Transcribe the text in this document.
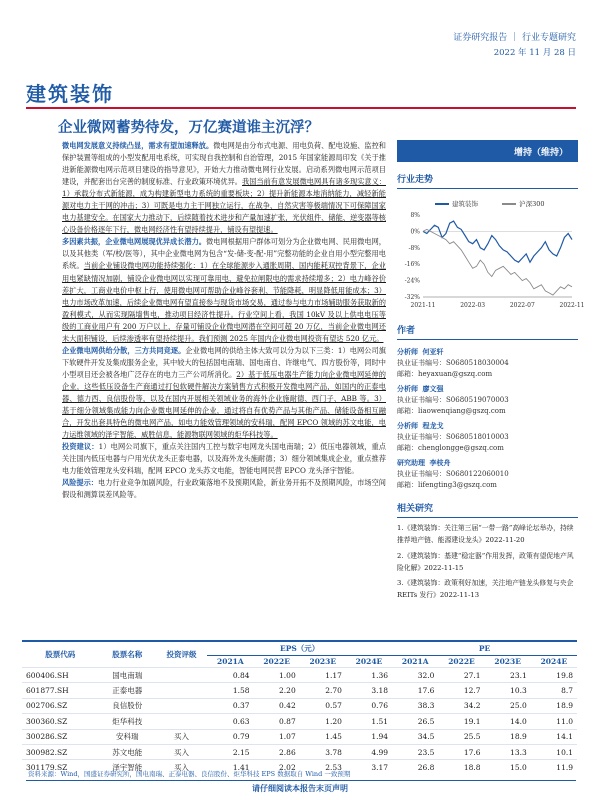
证券研究报告 ｜ 行业专题研究
2022 年 11 月 28 日
建筑装饰
企业微网蓄势待发，万亿赛道谁主沉浮？

微电网发展意义持续凸显，需求有望加速释放。微电网是由分布式电源、用电负荷、配电设施、监控和保护装置等组成的小型发配用电系统，可实现自我控制和自治管理，2015 年国家能源局印发《关于推进新能源微电网示范项目建设的指导意见》，开始大力推动微电网行业发展。启动系列微电网示范项目建设，并配套出台完善的制度标准、行业政策环境优异。我国当前有意发展微电网具有诸多现实意义：1）承载分布式新能源，成为构建新型电力系统的重要板块；2）提升新能源本地消纳能力，减轻新能源对电力主干网的冲击；3）可既是电力主干网独立运行，在战争、自然灾害等极端情况下可保障国家电力基建安全。在国家大力推动下，后续随着技术进步和产量加速扩张，光伏组件、储能、逆变器等核心设备价格逐年下行，微电网经济性有望持续提升，铺设有望提速。

多因素共振，企业微电网展现优异成长潜力。微电网根据用户群体可划分为企业微电网、民用微电网，以及其他类（军/校/医等），其中企业微电网为包含“发-储-变-配-用”完整功能的企业自用小型完整用电系统。当前企业铺设微电网功能持续强化：1）在全球能源步入通胀周期、国内能耗双控背景下，企业用电紧缺情况加剧，铺设企业微电网以实现可靠用电、避免拉闸限电的需求持续增多；2）电力峰谷价差扩大，工商业电价中枢上行，使用微电网可帮助企业峰谷套利、节能降耗，明显降低用能成本；3）电力市场改革加速，后续企业微电网有望直接参与现货市场交易，通过参与电力市场辅助服务获取新的盈利模式，从而实现隔墙售电，推动项目经济性提升。行业空间上看，我国 10kV 及以上供电电压等级的工商业用户有 200 万户以上，存量可铺设企业微电网潜在空间可超 20 万亿，当前企业微电网还未大面积铺设，后续渗透率有望持续提升。我们预测 2025 年国内企业微电网投资有望达 520 亿元。

企业微电网供给分散，三方共同竞逐。企业微电网的供给主体大致可以分为以下三类：1）电网公司旗下软硬件开发及集成服务企业，其中较大的包括国电南瑞、国电南自、许继电气、四方股份等，同时中小型项目还会被各地广泛存在的电力三产公司所消化。2）基于低压电器生产能力向企业微电网延伸的企业，这些低压设备生产商通过打包软硬件解决方案销售方式积极开发微电网产品，如国内的正泰电器、德力西、良信股份等，以及在国内开展相关领域业务的海外企业施耐德、西门子、ABB 等。3）基于细分领域集成能力向企业微电网延伸的企业，通过将自有优势产品与其他产品、储能设备相互融合，开发出套具特色的微电网产品，如电力能效管理领域的安科瑞，配网 EPCO 领域的苏文电能，电力运维领域的泽宇智能、威胜信息，能源物联网领域的炬华科技等。

投资建议：1）电网公司旗下，重点关注国内工控与数字电网龙头国电南瑞；2）低压电器领域，重点关注国内低压电器与户用光伏龙头正泰电器，以及海外龙头施耐德；3）细分领域集成企业，重点推荐电力能效管理龙头安科瑞，配网 EPCO 龙头苏文电能，智能电网民营 EPCO 龙头泽宇智能。

风险提示：电力行业竞争加剧风险，行业政策落地不及预期风险，新业务开拓不及预期风险，市场空间假设和测算误差风险等。

增持（维持）
行业走势
建筑装饰	沪深300
8%
0%
-8%
-16%
-24%
-32%
2021-11	2022-03	2022-07	2022-11
作者
分析师 何亚轩
执业证书编号：S0680518030004
邮箱：heyaxuan@gszq.com
分析师 廖文强
执业证书编号：S0680519070003
邮箱：liaowenqiang@gszq.com
分析师 程龙戈
执业证书编号：S0680518010003
邮箱：chenglongge@gszq.com
研究助理 李枝舟
执业证书编号：S0680122060010
邮箱：lifengting3@gszq.com
相关研究
1.《建筑装饰：关注第三届“一带一路”高峰论坛举办，持续推荐地产链、能源建设龙头》2022-11-20
2.《建筑装饰：基建“稳定器”作用发挥，政策有望促地产风险化解》2022-11-15
3.《建筑装饰：政策利好加速，关注地产链龙头修复与央企 REITs 发行》2022-11-13
股票代码	股票名称	投资评级	EPS（元）				PE			
			2021A	2022E	2023E	2024E	2021A	2022E	2023E	2024E
600406.SH	国电南瑞		0.84	1.00	1.17	1.36	32.0	27.1	23.1	19.8
601877.SH	正泰电器		1.58	2.20	2.70	3.18	17.6	12.7	10.3	8.7
002706.SZ	良信股份		0.37	0.42	0.57	0.76	38.3	34.2	25.0	18.9
300360.SZ	炬华科技		0.63	0.87	1.20	1.51	26.5	19.1	14.0	11.0
300286.SZ	安科瑞	买入	0.79	1.07	1.45	1.94	34.5	25.5	18.9	14.1
300982.SZ	苏文电能	买入	2.15	2.86	3.78	4.99	23.5	17.6	13.3	10.1
301179.SZ	泽宇智能	买入	1.41	2.02	2.53	3.17	26.8	18.8	15.0	11.9
资料来源：Wind，国盛证券研究所，国电南瑞、正泰电器、良信股份、炬华科技 EPS 数据取自 Wind 一致预期
请仔细阅读本报告末页声明
